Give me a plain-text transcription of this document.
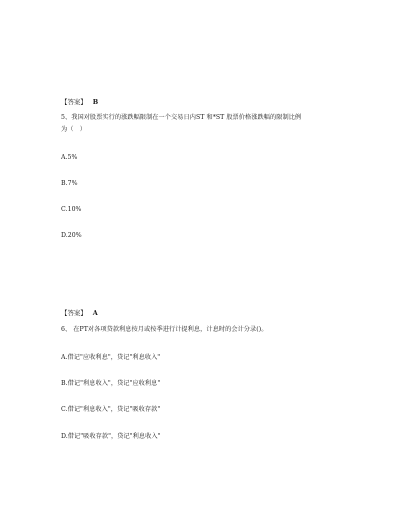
【答案】 B
5、我国对股票实行的涨跌幅限制在一个交易日内ST 和*ST 股票价格涨跌幅的限制比例
为（　）
A.5%
B.7%
C.10%
D.20%
【答案】 A
6、 在PT对各项贷款利息按月或按季进行计提利息，计息时的会计分录()。
A.借记"应收利息"，贷记"利息收入"
B.借记"利息收入"，贷记"应收利息"
C.借记"利息收入"，贷记"吸收存款"
D.借记"吸收存款"，贷记"利息收入"
